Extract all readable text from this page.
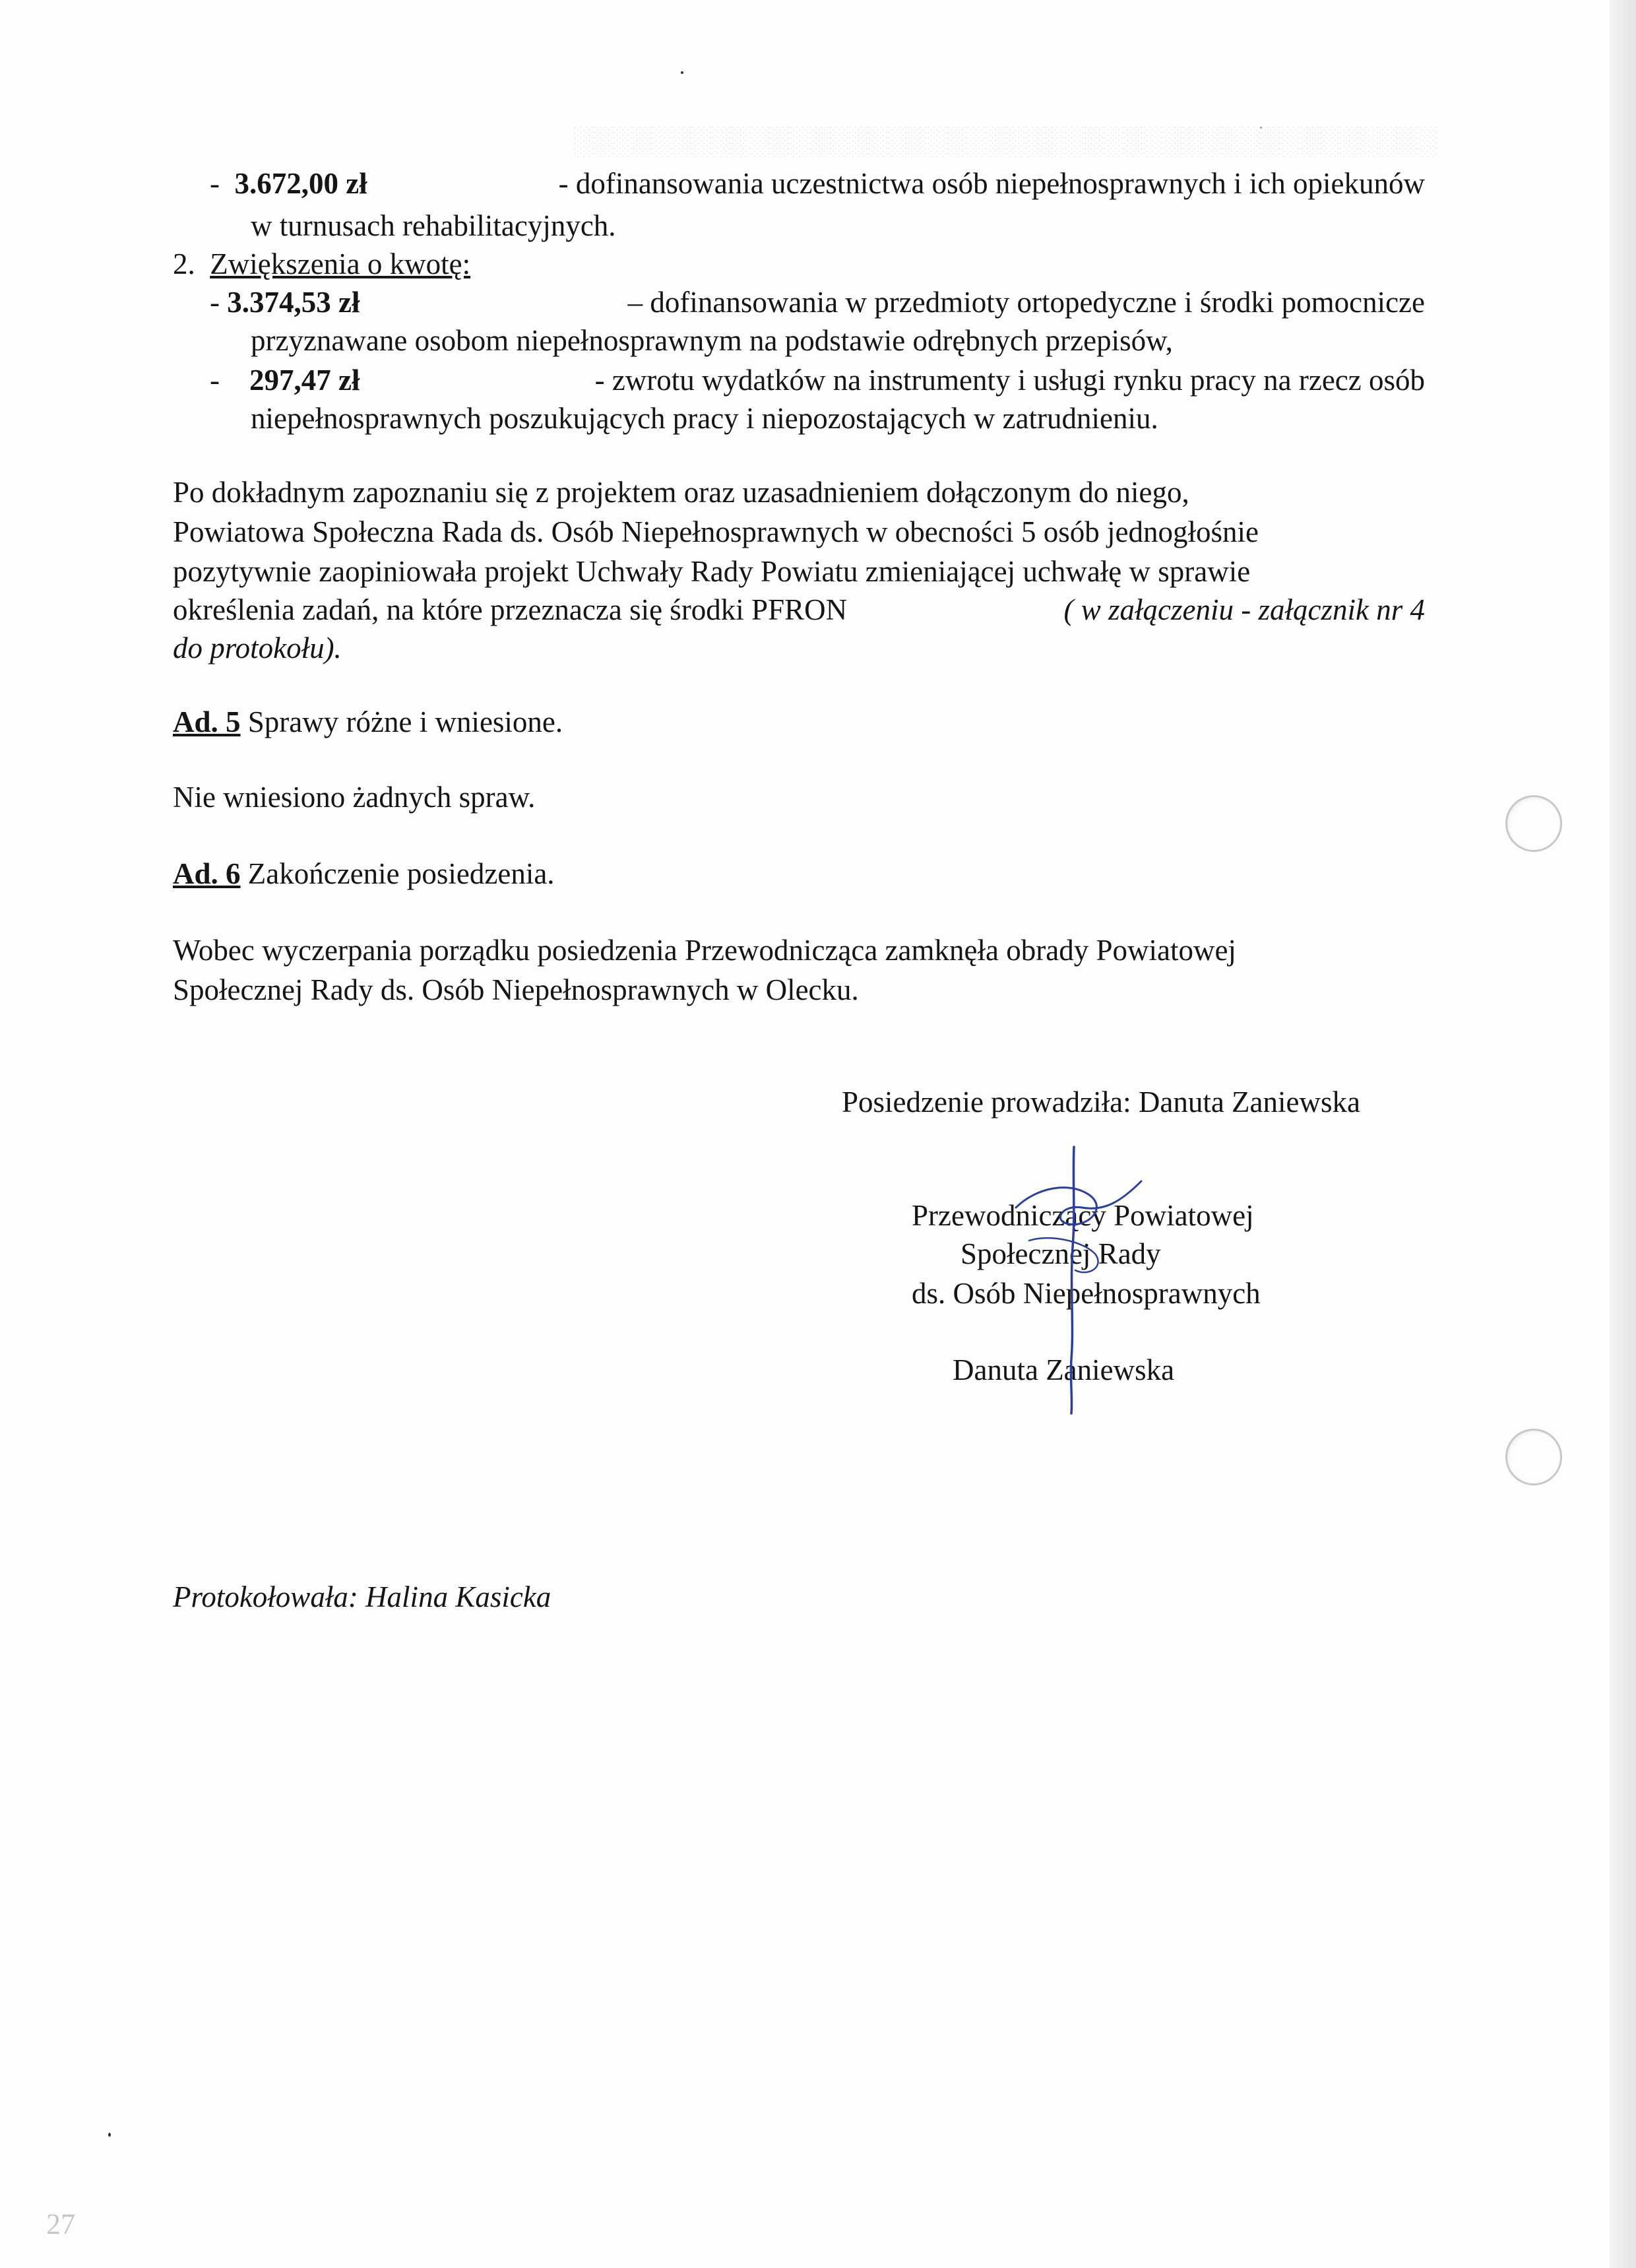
░░░░░░░░░░░░░░░░░░░░░░░░░░░░░░░░░░░░░░░░░░░░
- 3.672,00 zł	- dofinansowania uczestnictwa osób niepełnosprawnych i ich opiekunów
w turnusach rehabilitacyjnych.
2. Zwiększenia o kwotę:
- 3.374,53 zł	– dofinansowania w przedmioty ortopedyczne i środki pomocnicze
przyznawane osobom niepełnosprawnym na podstawie odrębnych przepisów,
- 297,47 zł	- zwrotu wydatków na instrumenty i usługi rynku pracy na rzecz osób
niepełnosprawnych poszukujących pracy i niepozostających w zatrudnieniu.
Po dokładnym zapoznaniu się z projektem oraz uzasadnieniem dołączonym do niego,
Powiatowa Społeczna Rada ds. Osób Niepełnosprawnych w obecności 5 osób jednogłośnie
pozytywnie zaopiniowała projekt Uchwały Rady Powiatu zmieniającej uchwałę w sprawie
określenia zadań, na które przeznacza się środki PFRON	( w załączeniu - załącznik nr 4
do protokołu).
Ad. 5 Sprawy różne i wniesione.
Nie wniesiono żadnych spraw.
Ad. 6 Zakończenie posiedzenia.
Wobec wyczerpania porządku posiedzenia Przewodnicząca zamknęła obrady Powiatowej
Społecznej Rady ds. Osób Niepełnosprawnych w Olecku.
Posiedzenie prowadziła: Danuta Zaniewska
Przewodniczący Powiatowej
Społecznej Rady
ds. Osób Niepełnosprawnych
Danuta Zaniewska
Protokołowała: Halina Kasicka
27
